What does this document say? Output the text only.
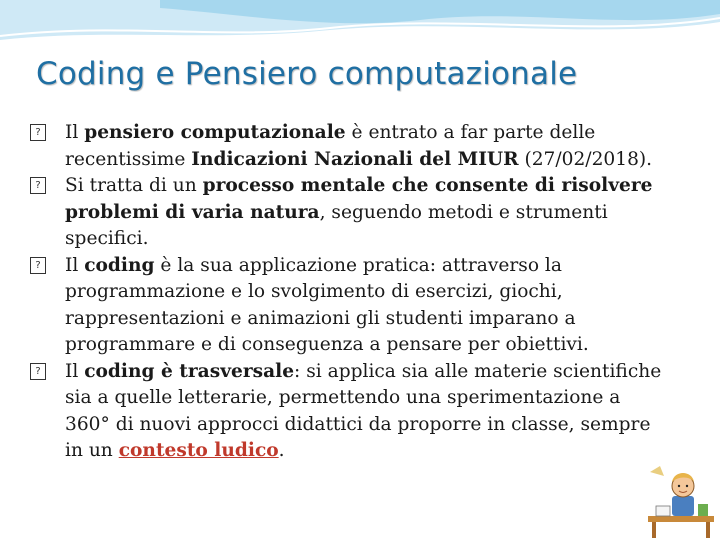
Coding e Pensiero computazionale
? Il pensiero computazionale è entrato a far parte delle recentissime Indicazioni Nazionali del MIUR (27/02/2018).
? Si tratta di un processo mentale che consente di risolvere problemi di varia natura, seguendo metodi e strumenti specifici.
? Il coding è la sua applicazione pratica: attraverso la programmazione e lo svolgimento di esercizi, giochi, rappresentazioni e animazioni gli studenti imparano a programmare e di conseguenza a pensare per obiettivi.
? Il coding è trasversale: si applica sia alle materie scientifiche sia a quelle letterarie, permettendo una sperimentazione a 360° di nuovi approcci didattici da proporre in classe, sempre in un contesto ludico.
